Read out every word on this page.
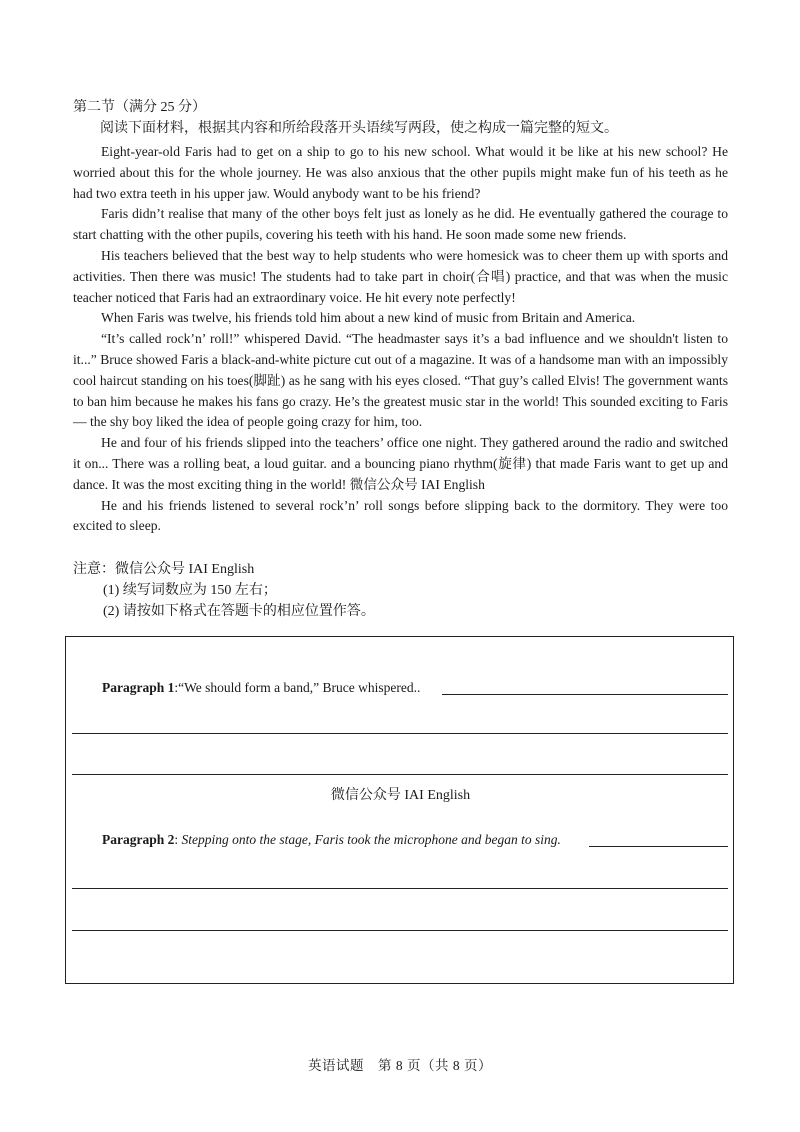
第二节（满分 25 分）
阅读下面材料，根据其内容和所给段落开头语续写两段，使之构成一篇完整的短文。

Eight-year-old Faris had to get on a ship to go to his new school. What would it be like at his new school? He worried about this for the whole journey. He was also anxious that the other pupils might make fun of his teeth as he had two extra teeth in his upper jaw. Would anybody want to be his friend?

Faris didn’t realise that many of the other boys felt just as lonely as he did. He eventually gathered the courage to start chatting with the other pupils, covering his teeth with his hand. He soon made some new friends.

His teachers believed that the best way to help students who were homesick was to cheer them up with sports and activities. Then there was music! The students had to take part in choir(合唱) practice, and that was when the music teacher noticed that Faris had an extraordinary voice. He hit every note perfectly!

When Faris was twelve, his friends told him about a new kind of music from Britain and America.

“It’s called rock’n’ roll!” whispered David. “The headmaster says it’s a bad influence and we shouldn't listen to it...” Bruce showed Faris a black-and-white picture cut out of a magazine. It was of a handsome man with an impossibly cool haircut standing on his toes(脚趾) as he sang with his eyes closed. “That guy’s called Elvis! The government wants to ban him because he makes his fans go crazy. He’s the greatest music star in the world! This sounded exciting to Faris — the shy boy liked the idea of people going crazy for him, too.

He and four of his friends slipped into the teachers’ office one night. They gathered around the radio and switched it on... There was a rolling beat, a loud guitar. and a bouncing piano rhythm(旋律) that made Faris want to get up and dance. It was the most exciting thing in the world! 微信公众号 IAI English

He and his friends listened to several rock’n’ roll songs before slipping back to the dormitory. They were too excited to sleep.

注意：微信公众号 IAI English
(1) 续写词数应为 150 左右；
(2) 请按如下格式在答题卡的相应位置作答。
Paragraph 1:“We should form a band,” Bruce whispered..
微信公众号 IAI English
Paragraph 2: Stepping onto the stage, Faris took the microphone and began to sing.
英语试题　第 8 页（共 8 页）
